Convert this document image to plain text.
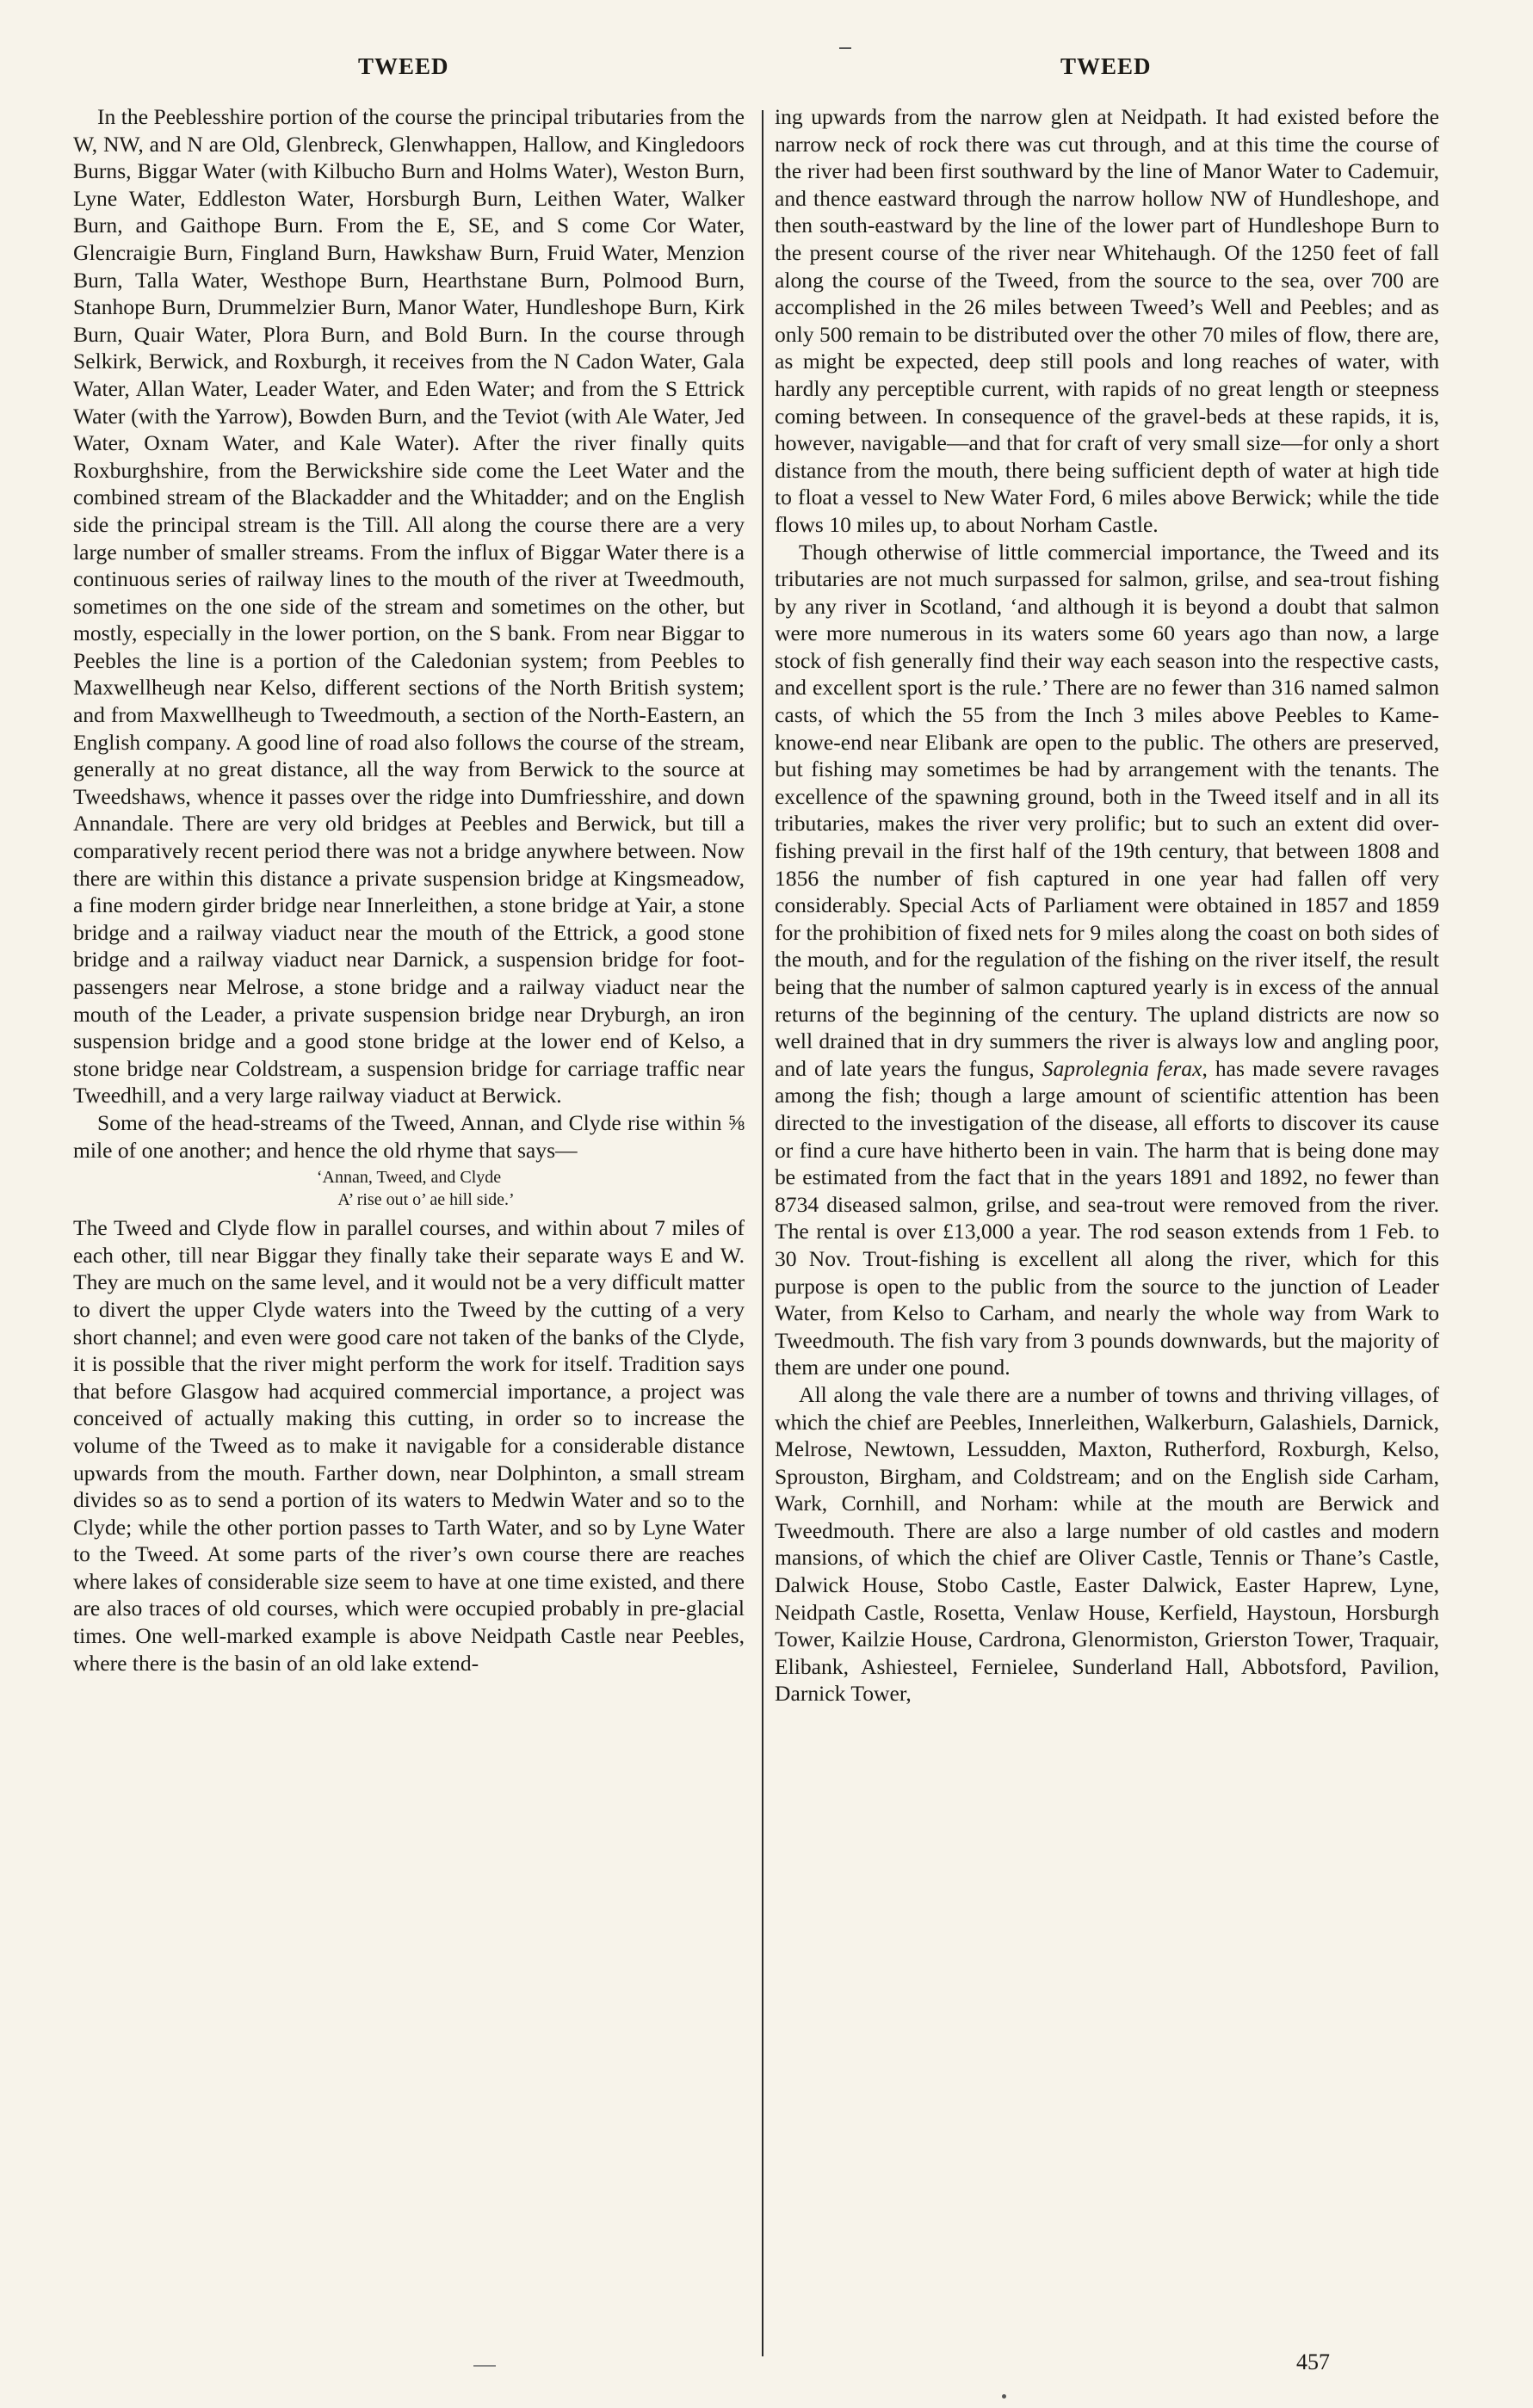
TWEED	TWEED

In the Peeblesshire portion of the course the principal tributaries from the W, NW, and N are Old, Glenbreck, Glenwhappen, Hallow, and Kingledoors Burns, Biggar Water (with Kilbucho Burn and Holms Water), Weston Burn, Lyne Water, Eddleston Water, Horsburgh Burn, Leithen Water, Walker Burn, and Gaithope Burn. From the E, SE, and S come Cor Water, Glencraigie Burn, Fingland Burn, Hawkshaw Burn, Fruid Water, Menzion Burn, Talla Water, Westhope Burn, Hearthstane Burn, Polmood Burn, Stanhope Burn, Drummelzier Burn, Manor Water, Hundleshope Burn, Kirk Burn, Quair Water, Plora Burn, and Bold Burn. In the course through Selkirk, Berwick, and Roxburgh, it receives from the N Cadon Water, Gala Water, Allan Water, Leader Water, and Eden Water; and from the S Ettrick Water (with the Yarrow), Bowden Burn, and the Teviot (with Ale Water, Jed Water, Oxnam Water, and Kale Water). After the river finally quits Roxburghshire, from the Berwickshire side come the Leet Water and the combined stream of the Blackadder and the Whitadder; and on the English side the principal stream is the Till. All along the course there are a very large number of smaller streams. From the influx of Biggar Water there is a continuous series of railway lines to the mouth of the river at Tweedmouth, sometimes on the one side of the stream and sometimes on the other, but mostly, especially in the lower portion, on the S bank. From near Biggar to Peebles the line is a portion of the Caledonian system; from Peebles to Maxwellheugh near Kelso, different sections of the North British system; and from Maxwellheugh to Tweedmouth, a section of the North-Eastern, an English company. A good line of road also follows the course of the stream, generally at no great distance, all the way from Berwick to the source at Tweedshaws, whence it passes over the ridge into Dumfriesshire, and down Annandale. There are very old bridges at Peebles and Berwick, but till a comparatively recent period there was not a bridge anywhere between. Now there are within this distance a private suspension bridge at Kingsmeadow, a fine modern girder bridge near Innerleithen, a stone bridge at Yair, a stone bridge and a railway viaduct near the mouth of the Ettrick, a good stone bridge and a railway viaduct near Darnick, a suspension bridge for foot-passengers near Melrose, a stone bridge and a railway viaduct near the mouth of the Leader, a private suspension bridge near Dryburgh, an iron suspension bridge and a good stone bridge at the lower end of Kelso, a stone bridge near Coldstream, a suspension bridge for carriage traffic near Tweedhill, and a very large railway viaduct at Berwick.

Some of the head-streams of the Tweed, Annan, and Clyde rise within ⅝ mile of one another; and hence the old rhyme that says—

‘Annan, Tweed, and Clyde
A’ rise out o’ ae hill side.’

The Tweed and Clyde flow in parallel courses, and within about 7 miles of each other, till near Biggar they finally take their separate ways E and W. They are much on the same level, and it would not be a very difficult matter to divert the upper Clyde waters into the Tweed by the cutting of a very short channel; and even were good care not taken of the banks of the Clyde, it is possible that the river might perform the work for itself. Tradition says that before Glasgow had acquired commercial importance, a project was conceived of actually making this cutting, in order so to increase the volume of the Tweed as to make it navigable for a considerable distance upwards from the mouth. Farther down, near Dolphinton, a small stream divides so as to send a portion of its waters to Medwin Water and so to the Clyde; while the other portion passes to Tarth Water, and so by Lyne Water to the Tweed. At some parts of the river’s own course there are reaches where lakes of considerable size seem to have at one time existed, and there are also traces of old courses, which were occupied probably in pre-glacial times. One well-marked example is above Neidpath Castle near Peebles, where there is the basin of an old lake extend-

ing upwards from the narrow glen at Neidpath. It had existed before the narrow neck of rock there was cut through, and at this time the course of the river had been first southward by the line of Manor Water to Cademuir, and thence eastward through the narrow hollow NW of Hundleshope, and then south-eastward by the line of the lower part of Hundleshope Burn to the present course of the river near Whitehaugh. Of the 1250 feet of fall along the course of the Tweed, from the source to the sea, over 700 are accomplished in the 26 miles between Tweed’s Well and Peebles; and as only 500 remain to be distributed over the other 70 miles of flow, there are, as might be expected, deep still pools and long reaches of water, with hardly any perceptible current, with rapids of no great length or steepness coming between. In consequence of the gravel-beds at these rapids, it is, however, navigable—and that for craft of very small size—for only a short distance from the mouth, there being sufficient depth of water at high tide to float a vessel to New Water Ford, 6 miles above Berwick; while the tide flows 10 miles up, to about Norham Castle.

Though otherwise of little commercial importance, the Tweed and its tributaries are not much surpassed for salmon, grilse, and sea-trout fishing by any river in Scotland, ‘and although it is beyond a doubt that salmon were more numerous in its waters some 60 years ago than now, a large stock of fish generally find their way each season into the respective casts, and excellent sport is the rule.’ There are no fewer than 316 named salmon casts, of which the 55 from the Inch 3 miles above Peebles to Kame-knowe-end near Elibank are open to the public. The others are preserved, but fishing may sometimes be had by arrangement with the tenants. The excellence of the spawning ground, both in the Tweed itself and in all its tributaries, makes the river very prolific; but to such an extent did over-fishing prevail in the first half of the 19th century, that between 1808 and 1856 the number of fish captured in one year had fallen off very considerably. Special Acts of Parliament were obtained in 1857 and 1859 for the prohibition of fixed nets for 9 miles along the coast on both sides of the mouth, and for the regulation of the fishing on the river itself, the result being that the number of salmon captured yearly is in excess of the annual returns of the beginning of the century. The upland districts are now so well drained that in dry summers the river is always low and angling poor, and of late years the fungus, Saprolegnia ferax, has made severe ravages among the fish; though a large amount of scientific attention has been directed to the investigation of the disease, all efforts to discover its cause or find a cure have hitherto been in vain. The harm that is being done may be estimated from the fact that in the years 1891 and 1892, no fewer than 8734 diseased salmon, grilse, and sea-trout were removed from the river. The rental is over £13,000 a year. The rod season extends from 1 Feb. to 30 Nov. Trout-fishing is excellent all along the river, which for this purpose is open to the public from the source to the junction of Leader Water, from Kelso to Carham, and nearly the whole way from Wark to Tweedmouth. The fish vary from 3 pounds downwards, but the majority of them are under one pound.

All along the vale there are a number of towns and thriving villages, of which the chief are Peebles, Innerleithen, Walkerburn, Galashiels, Darnick, Melrose, Newtown, Lessudden, Maxton, Rutherford, Roxburgh, Kelso, Sprouston, Birgham, and Coldstream; and on the English side Carham, Wark, Cornhill, and Norham: while at the mouth are Berwick and Tweedmouth. There are also a large number of old castles and modern mansions, of which the chief are Oliver Castle, Tennis or Thane’s Castle, Dalwick House, Stobo Castle, Easter Dalwick, Easter Haprew, Lyne, Neidpath Castle, Rosetta, Venlaw House, Kerfield, Haystoun, Horsburgh Tower, Kailzie House, Cardrona, Glenormiston, Grierston Tower, Traquair, Elibank, Ashiesteel, Fernielee, Sunderland Hall, Abbotsford, Pavilion, Darnick Tower,

457
